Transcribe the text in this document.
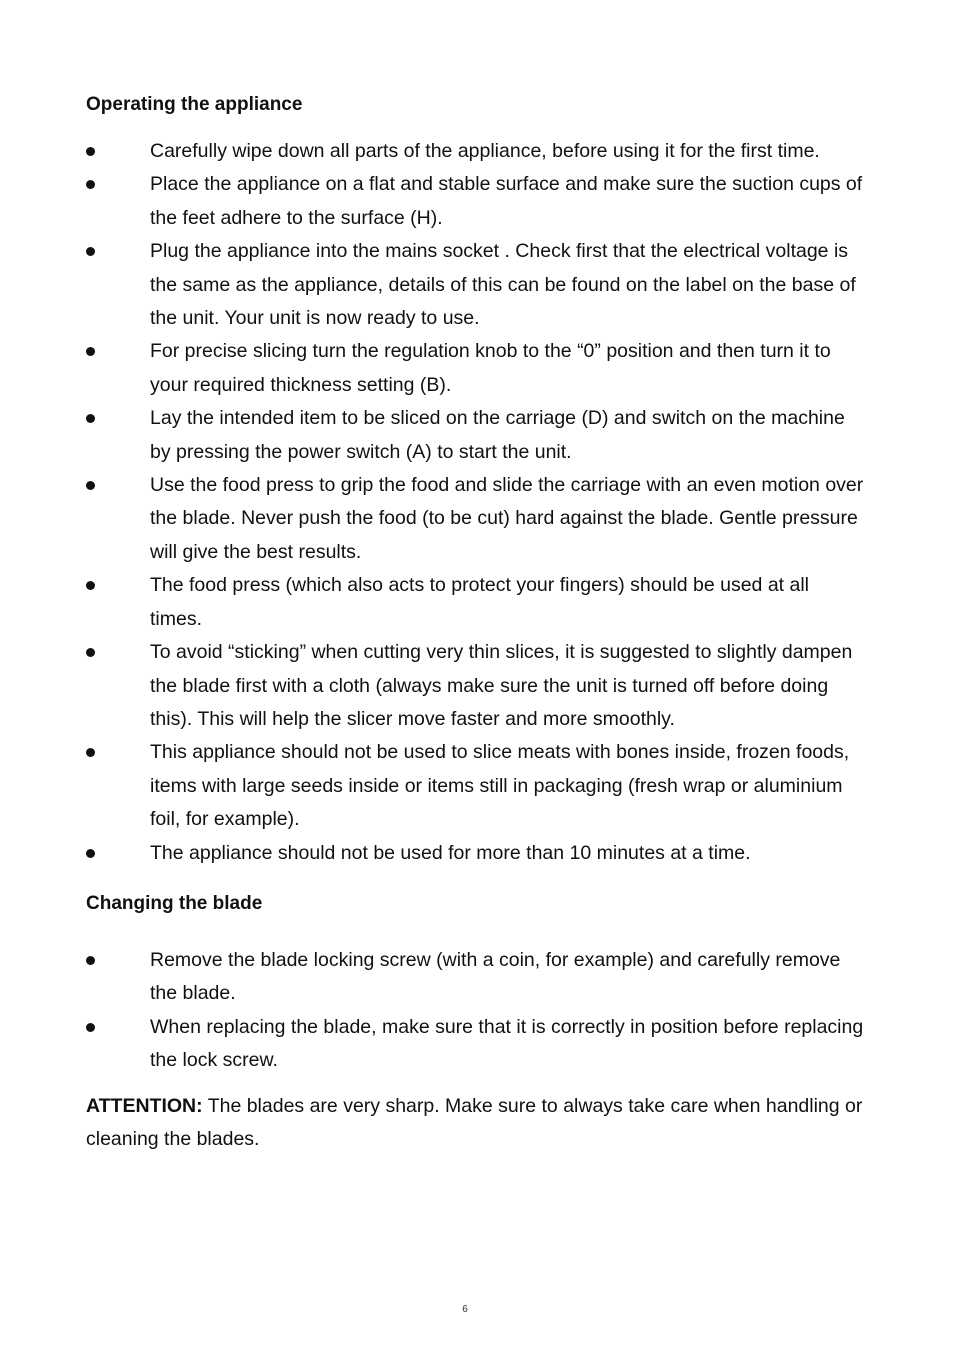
Operating the appliance
Carefully wipe down all parts of the appliance, before using it for the first time.
Place the appliance on a flat and stable surface and make sure the suction cups of the feet adhere to the surface (H).
Plug the appliance into the mains socket . Check first that the electrical voltage is the same as the appliance, details of this can be found on the label on the base of the unit. Your unit is now ready to use.
For precise slicing turn the regulation knob to the “0” position and then turn it to your required thickness setting (B).
Lay the intended item to be sliced on the carriage (D) and switch on the machine by pressing the power switch (A) to start the unit.
Use the food press to grip the food and slide the carriage with an even motion over the blade. Never push the food (to be cut) hard against the blade. Gentle pressure will give the best results.
The food press (which also acts to protect your fingers) should be used at all times.
To avoid “sticking” when cutting very thin slices, it is suggested to slightly dampen the blade first with a cloth (always make sure the unit is turned off before doing this). This will help the slicer move faster and more smoothly.
This appliance should not be used to slice meats with bones inside, frozen foods, items with large seeds inside or items still in packaging (fresh wrap or aluminium foil, for example).
The appliance should not be used for more than 10 minutes at a time.
Changing the blade
Remove the blade locking screw (with a coin, for example) and carefully remove the blade.
When replacing the blade, make sure that it is correctly in position before replacing the lock screw.

ATTENTION: The blades are very sharp. Make sure to always take care when handling or cleaning the blades.

6
